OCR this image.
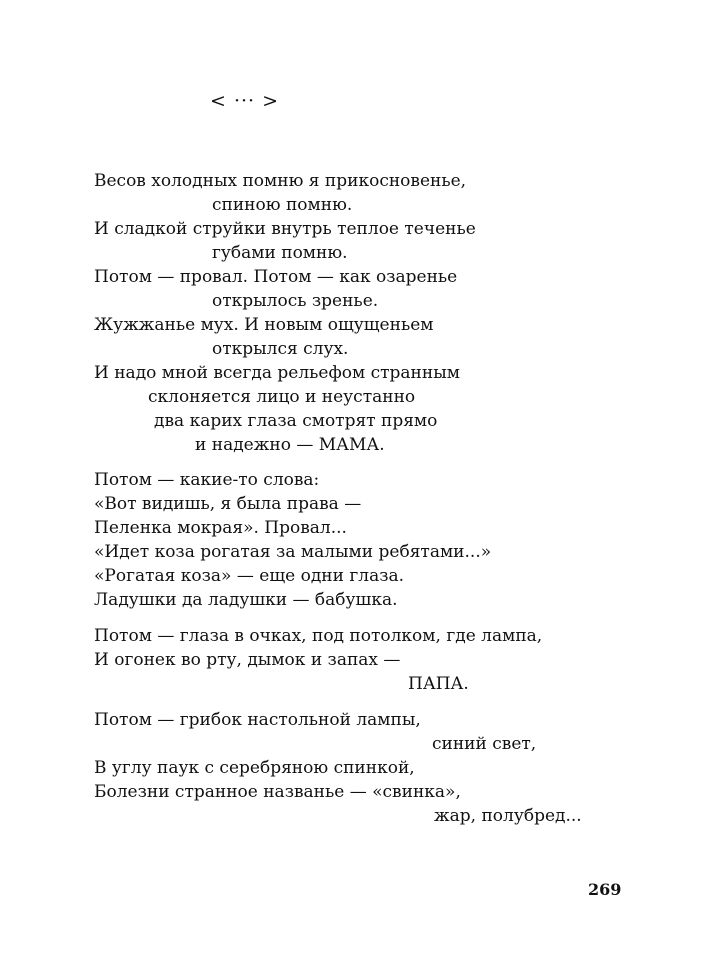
< ··· >
Весов холодных помню я прикосновенье,
спиною помню.
И сладкой струйки внутрь теплое теченье
губами помню.
Потом — провал. Потом — как озаренье
открылось зренье.
Жужжанье мух. И новым ощущеньем
открылся слух.
И надо мной всегда рельефом странным
склоняется лицо и неустанно
два карих глаза смотрят прямо
и надежно — МАМА.
Потом — какие-то слова:
«Вот видишь, я была права —
Пеленка мокрая». Провал...
«Идет коза рогатая за малыми ребятами...»
«Рогатая коза» — еще одни глаза.
Ладушки да ладушки — бабушка.
Потом — глаза в очках, под потолком, где лампа,
И огонек во рту, дымок и запах —
ПАПА.
Потом — грибок настольной лампы,
синий свет,
В углу паук с серебряною спинкой,
Болезни странное названье — «свинка»,
жар, полубред...
269
